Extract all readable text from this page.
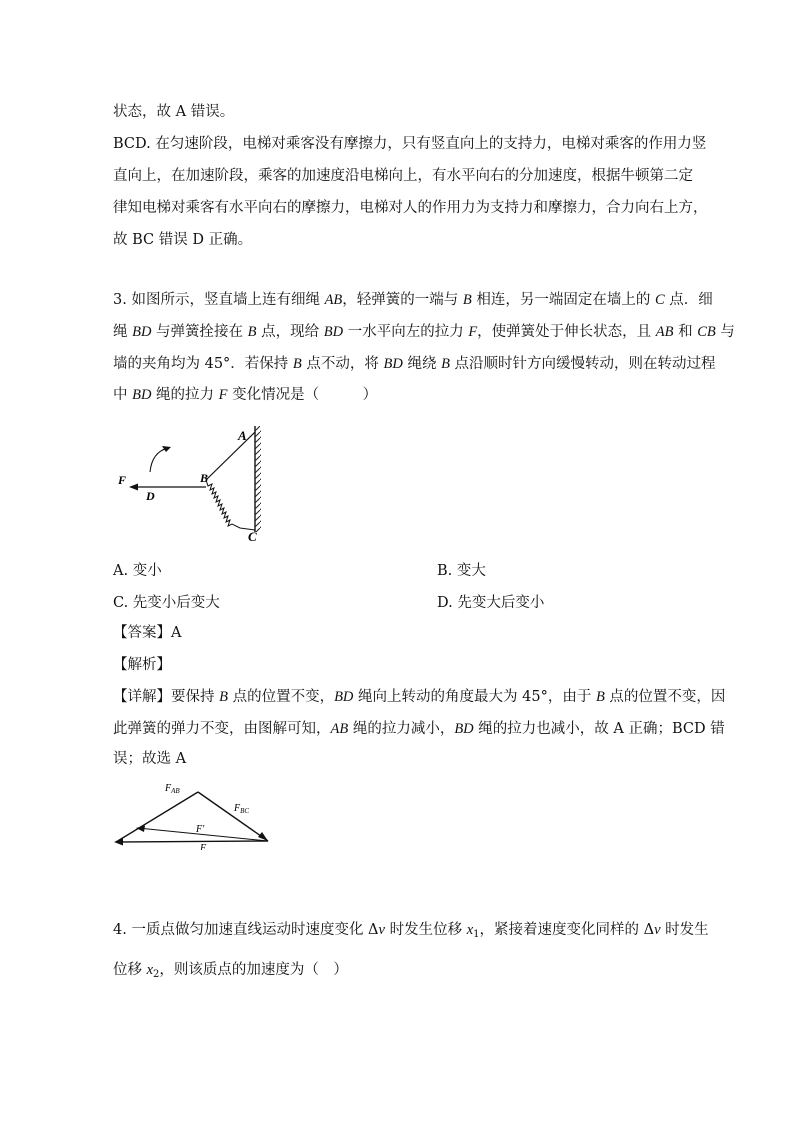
状态，故 A 错误。
BCD. 在匀速阶段，电梯对乘客没有摩擦力，只有竖直向上的支持力，电梯对乘客的作用力竖
直向上，在加速阶段，乘客的加速度沿电梯向上，有水平向右的分加速度，根据牛顿第二定
律知电梯对乘客有水平向右的摩擦力，电梯对人的作用力为支持力和摩擦力，合力向右上方，
故 BC 错误 D 正确。
3. 如图所示，竖直墙上连有细绳 AB，轻弹簧的一端与 B 相连，另一端固定在墙上的 C 点．细
绳 BD 与弹簧拴接在 B 点，现给 BD 一水平向左的拉力 F，使弹簧处于伸长状态，且 AB 和 CB 与
墙的夹角均为 45°．若保持 B 点不动，将 BD 绳绕 B 点沿顺时针方向缓慢转动，则在转动过程
中 BD 绳的拉力 F 变化情况是（　　　）
A
B
C
D
F
A. 变小	B. 变大
C. 先变小后变大	D. 先变大后变小
【答案】A
【解析】
【详解】要保持 B 点的位置不变，BD 绳向上转动的角度最大为 45°，由于 B 点的位置不变，因
此弹簧的弹力不变，由图解可知，AB 绳的拉力减小，BD 绳的拉力也减小，故 A 正确；BCD 错
误；故选 A
$F_{AB}$
$F_{BC}$
F'
F
4. 一质点做匀加速直线运动时速度变化 Δv 时发生位移 $x_1$，紧接着速度变化同样的 Δv 时发生
位移 $x_2$，则该质点的加速度为（　）
